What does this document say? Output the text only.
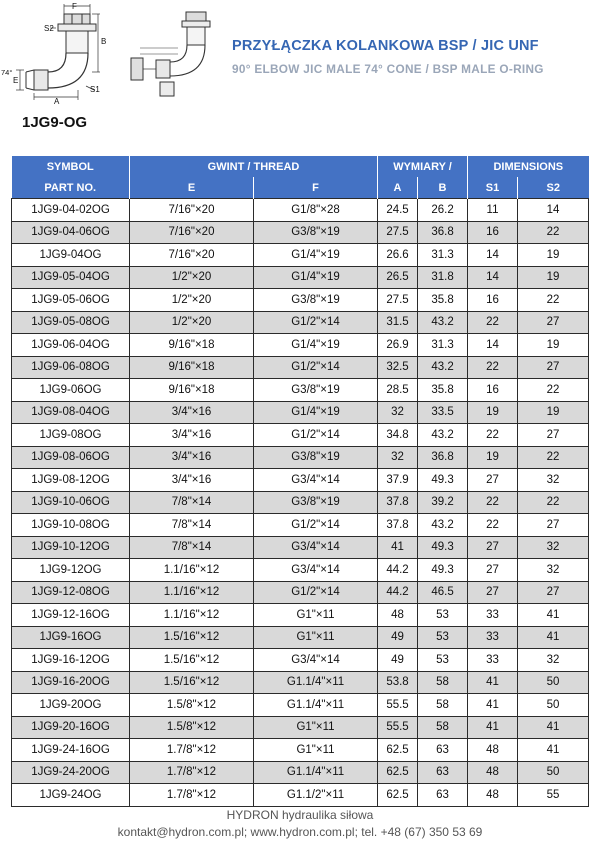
F
S2
B
E
A
S1
74°
PRZYŁĄCZKA KOLANKOWA BSP / JIC UNF
90° ELBOW JIC MALE 74° CONE / BSP MALE O-RING
1JG9-OG
SYMBOL	GWINT / THREAD		WYMIARY /		DIMENSIONS	
PART NO.	E	F	A	B	S1	S2
1JG9-04-02OG	7/16"×20	G1/8"×28	24.5	26.2	11	14
1JG9-04-06OG	7/16"×20	G3/8"×19	27.5	36.8	16	22
1JG9-04OG	7/16"×20	G1/4"×19	26.6	31.3	14	19
1JG9-05-04OG	1/2"×20	G1/4"×19	26.5	31.8	14	19
1JG9-05-06OG	1/2"×20	G3/8"×19	27.5	35.8	16	22
1JG9-05-08OG	1/2"×20	G1/2"×14	31.5	43.2	22	27
1JG9-06-04OG	9/16"×18	G1/4"×19	26.9	31.3	14	19
1JG9-06-08OG	9/16"×18	G1/2"×14	32.5	43.2	22	27
1JG9-06OG	9/16"×18	G3/8"×19	28.5	35.8	16	22
1JG9-08-04OG	3/4"×16	G1/4"×19	32	33.5	19	19
1JG9-08OG	3/4"×16	G1/2"×14	34.8	43.2	22	27
1JG9-08-06OG	3/4"×16	G3/8"×19	32	36.8	19	22
1JG9-08-12OG	3/4"×16	G3/4"×14	37.9	49.3	27	32
1JG9-10-06OG	7/8"×14	G3/8"×19	37.8	39.2	22	22
1JG9-10-08OG	7/8"×14	G1/2"×14	37.8	43.2	22	27
1JG9-10-12OG	7/8"×14	G3/4"×14	41	49.3	27	32
1JG9-12OG	1.1/16"×12	G3/4"×14	44.2	49.3	27	32
1JG9-12-08OG	1.1/16"×12	G1/2"×14	44.2	46.5	27	27
1JG9-12-16OG	1.1/16"×12	G1"×11	48	53	33	41
1JG9-16OG	1.5/16"×12	G1"×11	49	53	33	41
1JG9-16-12OG	1.5/16"×12	G3/4"×14	49	53	33	32
1JG9-16-20OG	1.5/16"×12	G1.1/4"×11	53.8	58	41	50
1JG9-20OG	1.5/8"×12	G1.1/4"×11	55.5	58	41	50
1JG9-20-16OG	1.5/8"×12	G1"×11	55.5	58	41	41
1JG9-24-16OG	1.7/8"×12	G1"×11	62.5	63	48	41
1JG9-24-20OG	1.7/8"×12	G1.1/4"×11	62.5	63	48	50
1JG9-24OG	1.7/8"×12	G1.1/2"×11	62.5	63	48	55
HYDRON hydraulika siłowa
kontakt@hydron.com.pl; www.hydron.com.pl; tel. +48 (67) 350 53 69
